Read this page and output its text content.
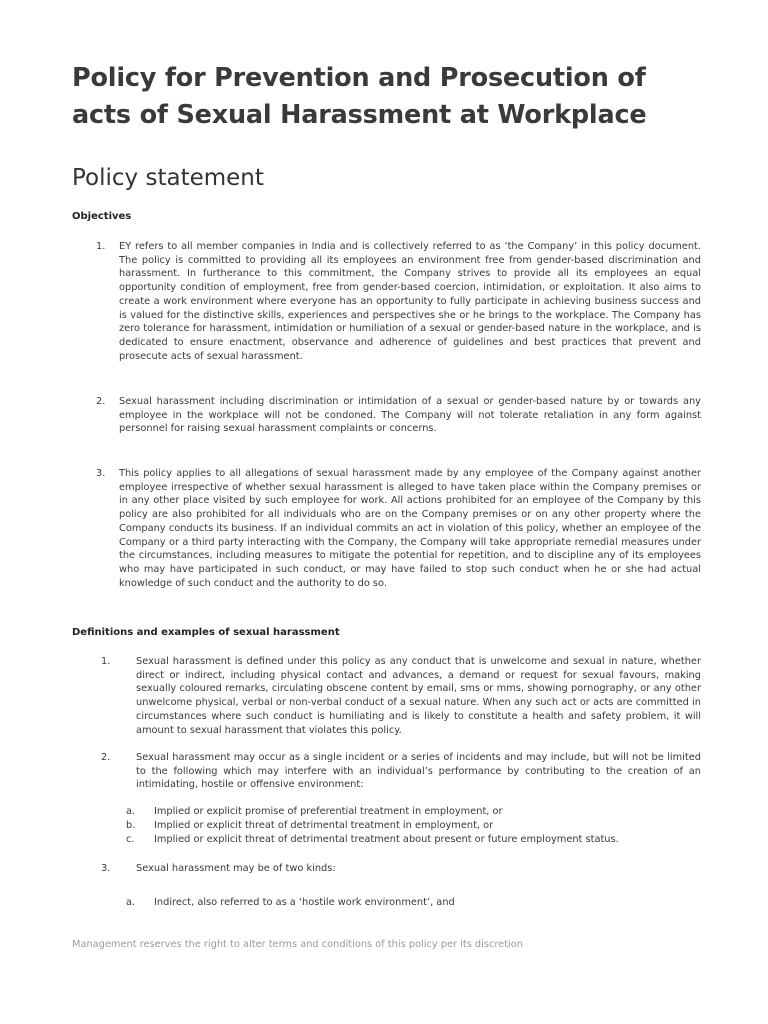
Policy for Prevention and Prosecution of
acts of Sexual Harassment at Workplace
Policy statement
Objectives
1. EY refers to all member companies in India and is collectively referred to as ‘the Company’ in this policy document. The policy is committed to providing all its employees an environment free from gender-based discrimination and harassment. In furtherance to this commitment, the Company strives to provide all its employees an equal opportunity condition of employment, free from gender-based coercion, intimidation, or exploitation. It also aims to create a work environment where everyone has an opportunity to fully participate in achieving business success and is valued for the distinctive skills, experiences and perspectives she or he brings to the workplace. The Company has zero tolerance for harassment, intimidation or humiliation of a sexual or gender-based nature in the workplace, and is dedicated to ensure enactment, observance and adherence of guidelines and best practices that prevent and prosecute acts of sexual harassment.

2. Sexual harassment including discrimination or intimidation of a sexual or gender-based nature by or towards any employee in the workplace will not be condoned. The Company will not tolerate retaliation in any form against personnel for raising sexual harassment complaints or concerns.

3. This policy applies to all allegations of sexual harassment made by any employee of the Company against another employee irrespective of whether sexual harassment is alleged to have taken place within the Company premises or in any other place visited by such employee for work. All actions prohibited for an employee of the Company by this policy are also prohibited for all individuals who are on the Company premises or on any other property where the Company conducts its business. If an individual commits an act in violation of this policy, whether an employee of the Company or a third party interacting with the Company, the Company will take appropriate remedial measures under the circumstances, including measures to mitigate the potential for repetition, and to discipline any of its employees who may have participated in such conduct, or may have failed to stop such conduct when he or she had actual knowledge of such conduct and the authority to do so.

Definitions and examples of sexual harassment
1.	Sexual harassment is defined under this policy as any conduct that is unwelcome and sexual in nature, whether direct or indirect, including physical contact and advances, a demand or request for sexual favours, making sexually coloured remarks, circulating obscene content by email, sms or mms, showing pornography, or any other unwelcome physical, verbal or non-verbal conduct of a sexual nature. When any such act or acts are committed in circumstances where such conduct is humiliating and is likely to constitute a health and safety problem, it will amount to sexual harassment that violates this policy.

2.	Sexual harassment may occur as a single incident or a series of incidents and may include, but will not be limited to the following which may interfere with an individual’s performance by contributing to the creation of an intimidating, hostile or offensive environment:

a. Implied or explicit promise of preferential treatment in employment, or
b. Implied or explicit threat of detrimental treatment in employment, or
c. Implied or explicit threat of detrimental treatment about present or future employment status.
3.	Sexual harassment may be of two kinds:

a. Indirect, also referred to as a ‘hostile work environment’, and
Management reserves the right to alter terms and conditions of this policy per its discretion
